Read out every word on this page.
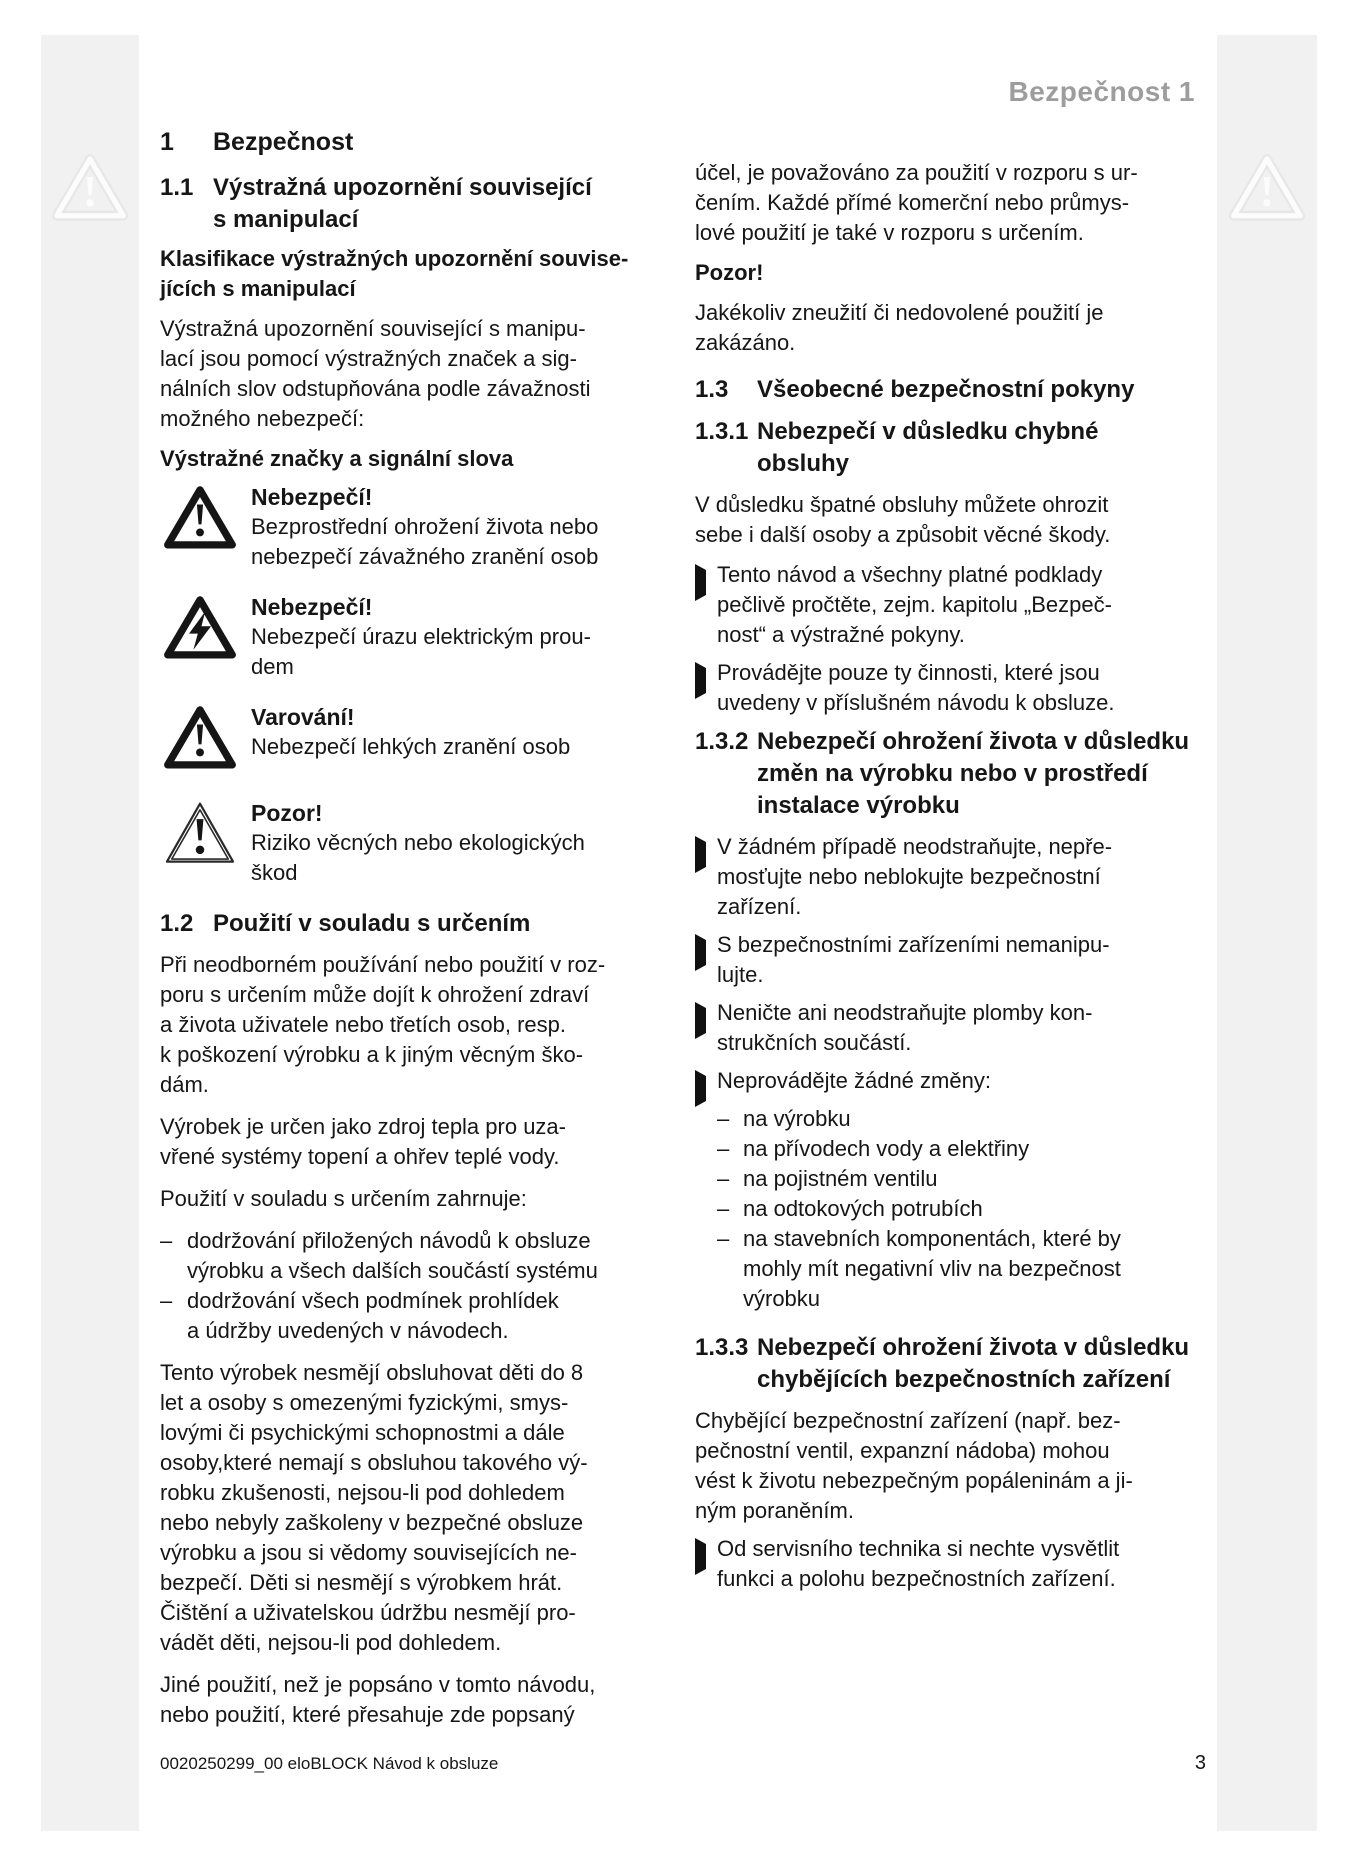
Bezpečnost 1
1	Bezpečnost
1.1 Výstražná upozornění související
s manipulací
Klasifikace výstražných upozornění souvise-
jících s manipulací
Výstražná upozornění související s manipu-
lací jsou pomocí výstražných značek a sig-
nálních slov odstupňována podle závažnosti
možného nebezpečí:
Výstražné značky a signální slova
Nebezpečí!
Bezprostřední ohrožení života nebo
nebezpečí závažného zranění osob
Nebezpečí!
Nebezpečí úrazu elektrickým prou-
dem
Varování!
Nebezpečí lehkých zranění osob
Pozor!
Riziko věcných nebo ekologických
škod
1.2 Použití v souladu s určením
Při neodborném používání nebo použití v roz-
poru s určením může dojít k ohrožení zdraví
a života uživatele nebo třetích osob, resp.
k poškození výrobku a k jiným věcným ško-
dám.
Výrobek je určen jako zdroj tepla pro uza-
vřené systémy topení a ohřev teplé vody.
Použití v souladu s určením zahrnuje:
– dodržování přiložených návodů k obsluze
výrobku a všech dalších součástí systému
– dodržování všech podmínek prohlídek
a údržby uvedených v návodech.
Tento výrobek nesmějí obsluhovat děti do 8
let a osoby s omezenými fyzickými, smys-
lovými či psychickými schopnostmi a dále
osoby,které nemají s obsluhou takového vý-
robku zkušenosti, nejsou-li pod dohledem
nebo nebyly zaškoleny v bezpečné obsluze
výrobku a jsou si vědomy souvisejících ne-
bezpečí. Děti si nesmějí s výrobkem hrát.
Čištění a uživatelskou údržbu nesmějí pro-
vádět děti, nejsou-li pod dohledem.
Jiné použití, než je popsáno v tomto návodu,
nebo použití, které přesahuje zde popsaný
účel, je považováno za použití v rozporu s ur-
čením. Každé přímé komerční nebo průmys-
lové použití je také v rozporu s určením.
Pozor!
Jakékoliv zneužití či nedovolené použití je
zakázáno.
1.3	Všeobecné bezpečnostní pokyny
1.3.1 Nebezpečí v důsledku chybné
obsluhy
V důsledku špatné obsluhy můžete ohrozit
sebe i další osoby a způsobit věcné škody.
Tento návod a všechny platné podklady
pečlivě pročtěte, zejm. kapitolu „Bezpeč-
nost“ a výstražné pokyny.
Provádějte pouze ty činnosti, které jsou
uvedeny v příslušném návodu k obsluze.
1.3.2 Nebezpečí ohrožení života v důsledku
změn na výrobku nebo v prostředí
instalace výrobku
V žádném případě neodstraňujte, nepře-
mosťujte nebo neblokujte bezpečnostní
zařízení.
S bezpečnostními zařízeními nemanipu-
lujte.
Neničte ani neodstraňujte plomby kon-
strukčních součástí.
Neprovádějte žádné změny:
– na výrobku
– na přívodech vody a elektřiny
– na pojistném ventilu
– na odtokových potrubích
– na stavebních komponentách, které by
mohly mít negativní vliv na bezpečnost
výrobku
1.3.3 Nebezpečí ohrožení života v důsledku
chybějících bezpečnostních zařízení
Chybějící bezpečnostní zařízení (např. bez-
pečnostní ventil, expanzní nádoba) mohou
vést k životu nebezpečným popáleninám a ji-
ným poraněním.
Od servisního technika si nechte vysvětlit
funkci a polohu bezpečnostních zařízení.
0020250299_00 eloBLOCK Návod k obsluze	3
